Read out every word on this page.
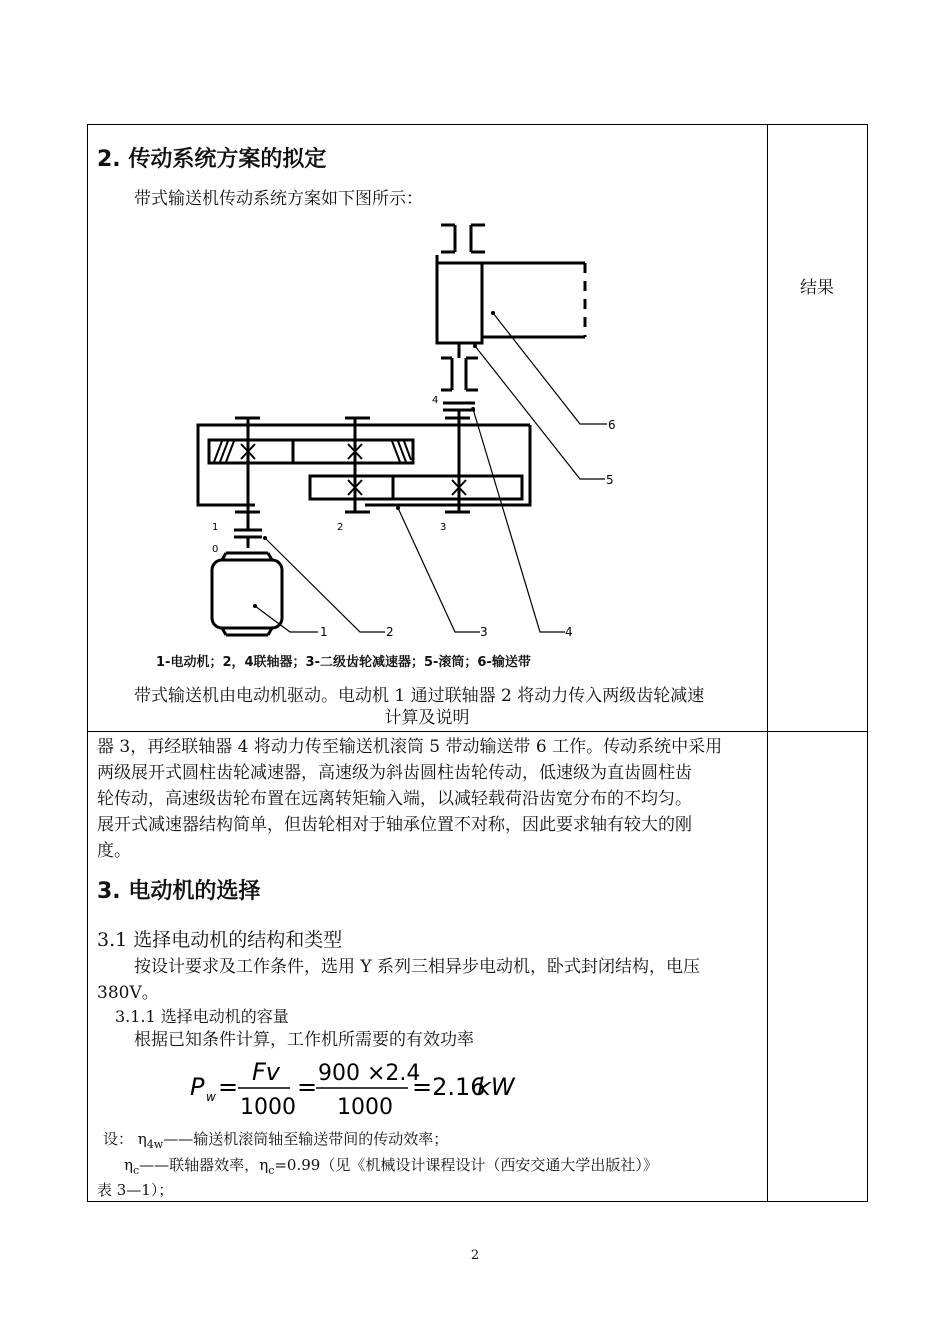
2. 传动系统方案的拟定
带式输送机传动系统方案如下图所示：
结果
1	2	3	4
5
6
0
1	2	3
4
1-电动机；2，4联轴器；3-二级齿轮减速器；5-滚筒；6-输送带
带式输送机由电动机驱动。电动机 1 通过联轴器 2 将动力传入两级齿轮减速
计算及说明
器 3，再经联轴器 4 将动力传至输送机滚筒 5 带动输送带 6 工作。传动系统中采用
两级展开式圆柱齿轮减速器，高速级为斜齿圆柱齿轮传动，低速级为直齿圆柱齿
轮传动，高速级齿轮布置在远离转矩输入端，以减轻载荷沿齿宽分布的不均匀。
展开式减速器结构简单，但齿轮相对于轴承位置不对称，因此要求轴有较大的刚
度。
3. 电动机的选择
3.1 选择电动机的结构和类型
按设计要求及工作条件，选用 Y 系列三相异步电动机，卧式封闭结构，电压
380V。
3.1.1 选择电动机的容量
根据已知条件计算，工作机所需要的有效功率
P w =
Fv
1000
= 900 ×2.4
1000
=2.16
kW
设： $\eta_{4w}——$输送机滚筒轴至输送带间的传动效率；
$\eta_c——$联轴器效率，$\eta_c=0.99$（见《机械设计课程设计（西安交通大学出版社）》
表 3—1）；
2
